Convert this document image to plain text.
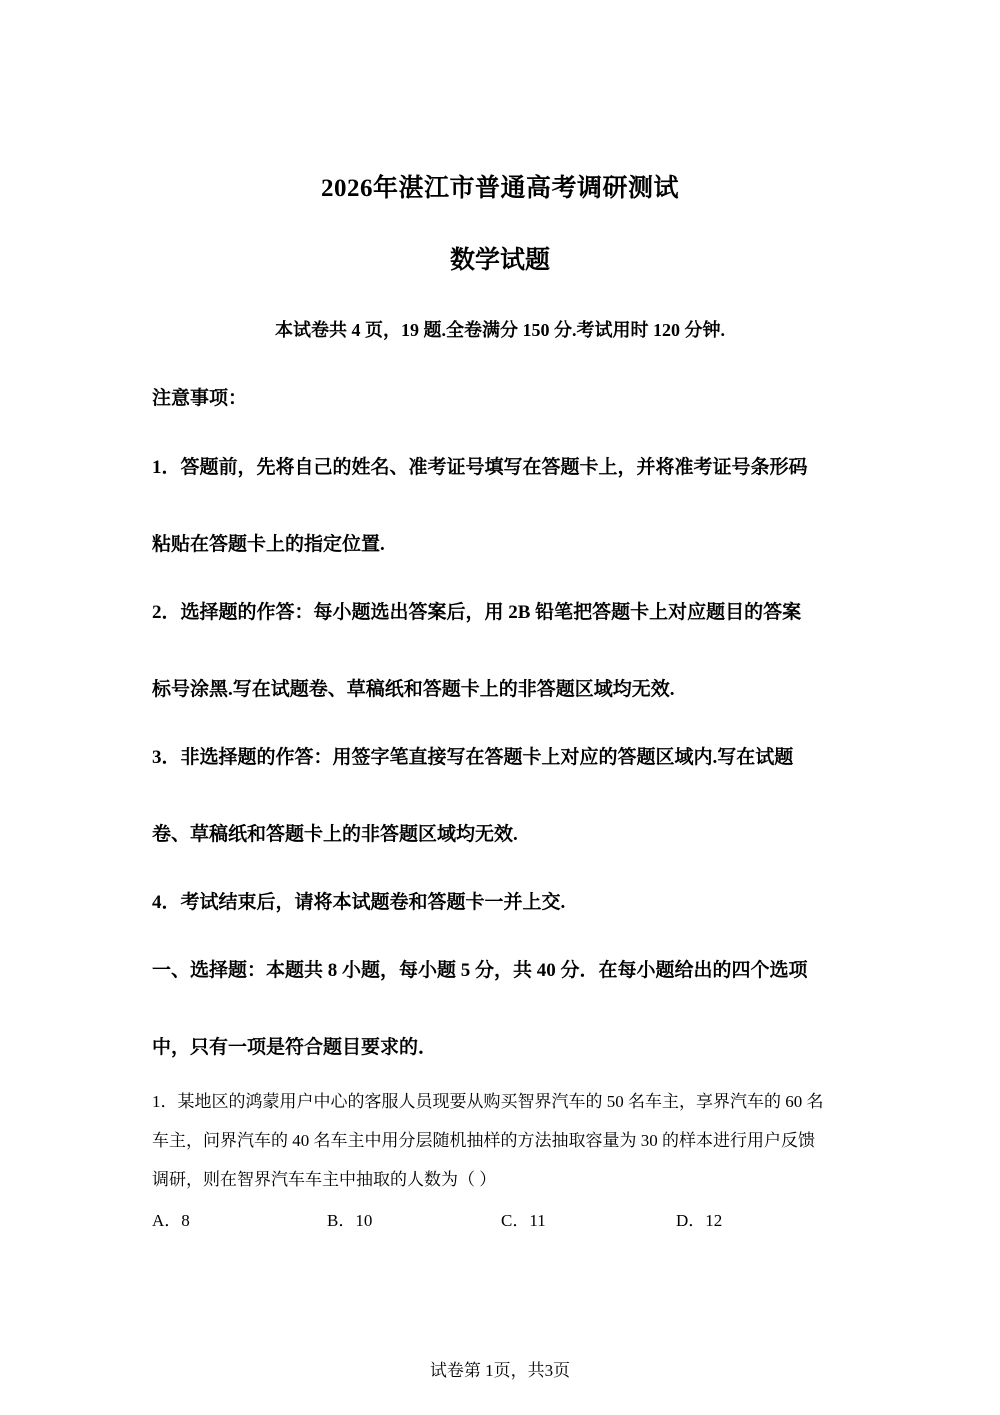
2026年湛江市普通高考调研测试
数学试题
本试卷共 4 页，19 题.全卷满分 150 分.考试用时 120 分钟.
注意事项：
1．答题前，先将自己的姓名、准考证号填写在答题卡上，并将准考证号条形码
粘贴在答题卡上的指定位置.
2．选择题的作答：每小题选出答案后，用 2B 铅笔把答题卡上对应题目的答案
标号涂黑.写在试题卷、草稿纸和答题卡上的非答题区域均无效.
3．非选择题的作答：用签字笔直接写在答题卡上对应的答题区域内.写在试题
卷、草稿纸和答题卡上的非答题区域均无效.
4．考试结束后，请将本试题卷和答题卡一并上交.
一、选择题：本题共 8 小题，每小题 5 分，共 40 分．在每小题给出的四个选项
中，只有一项是符合题目要求的．
1．某地区的鸿蒙用户中心的客服人员现要从购买智界汽车的 50 名车主，享界汽车的 60 名
车主，问界汽车的 40 名车主中用分层随机抽样的方法抽取容量为 30 的样本进行用户反馈
调研，则在智界汽车车主中抽取的人数为（ ）
A．8	B．10	C．11	D．12
试卷第 1页，共3页
